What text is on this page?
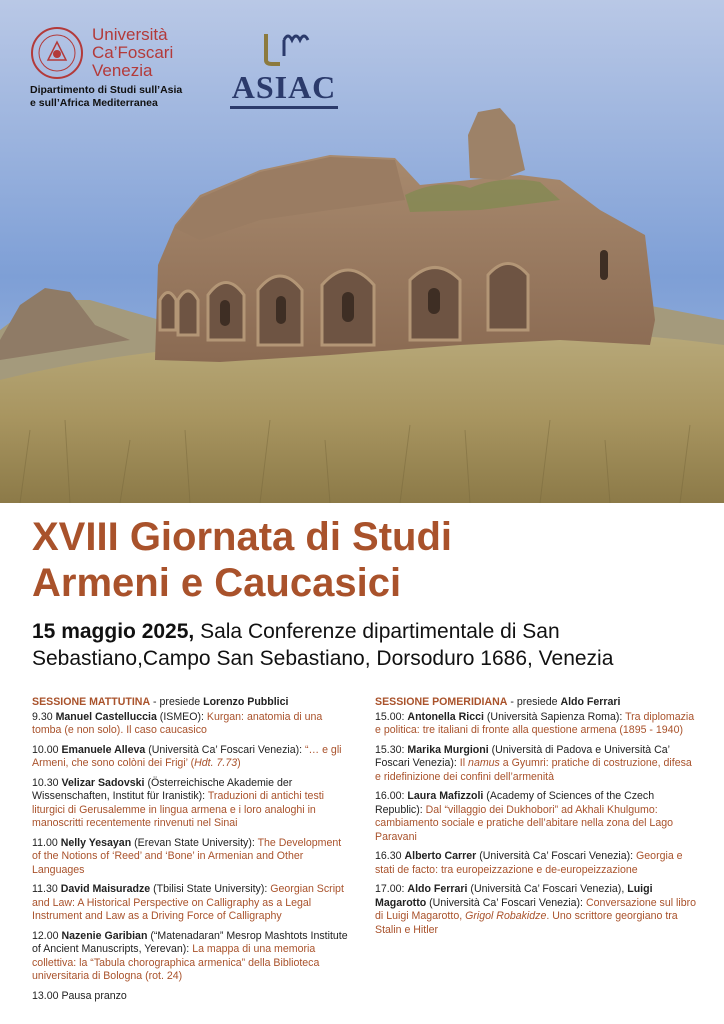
Università
Ca’Foscari
Venezia
Dipartimento di Studi sull’Asia
e sull’Africa Mediterranea	ASIAC
XVIII Giornata di Studi
Armeni e Caucasici
15 maggio 2025, Sala Conferenze dipartimentale di San
Sebastiano,Campo San Sebastiano, Dorsoduro 1686, Venezia
SESSIONE MATTUTINA - presiede Lorenzo Pubblici
9.30 Manuel Castelluccia (ISMEO): Kurgan: anatomia di una tomba (e non solo). Il caso caucasico
10.00 Emanuele Alleva (Università Ca’ Foscari Venezia): “… e gli Armeni, che sono colòni dei Frigi’ (Hdt. 7.73)
10.30 Velizar Sadovski (Österreichische Akademie der Wissenschaften, Institut für Iranistik): Traduzioni di antichi testi liturgici di Gerusalemme in lingua armena e i loro analoghi in manoscritti recentemente rinvenuti nel Sinai
11.00 Nelly Yesayan (Erevan State University): The Development of the Notions of ‘Reed’ and ‘Bone’ in Armenian and Other Languages
11.30 David Maisuradze (Tbilisi State University): Georgian Script and Law: A Historical Perspective on Calligraphy as a Legal Instrument and Law as a Driving Force of Calligraphy
12.00 Nazenie Garibian (“Matenadaran” Mesrop Mashtots Institute of Ancient Manuscripts, Yerevan): La mappa di una memoria collettiva: la “Tabula chorographica armenica” della Biblioteca universitaria di Bologna (rot. 24)
13.00 Pausa pranzo
SESSIONE POMERIDIANA - presiede Aldo Ferrari
15.00: Antonella Ricci (Università Sapienza Roma): Tra diplomazia e politica: tre italiani di fronte alla questione armena (1895 - 1940)
15.30: Marika Murgioni (Università di Padova e Università Ca’ Foscari Venezia): Il namus a Gyumri: pratiche di costruzione, difesa e ridefinizione dei confini dell’armenità
16.00: Laura Mafizzoli (Academy of Sciences of the Czech Republic): Dal “villaggio dei Dukhobori” ad Akhali Khulgumo: cambiamento sociale e pratiche dell’abitare nella zona del Lago Paravani
16.30 Alberto Carrer (Università Ca’ Foscari Venezia): Georgia e stati de facto: tra europeizzazione e de-europeizzazione
17.00: Aldo Ferrari (Università Ca’ Foscari Venezia), Luigi Magarotto (Università Ca’ Foscari Venezia): Conversazione sul libro di Luigi Magarotto, Grigol Robakidze. Uno scrittore georgiano tra Stalin e Hitler
